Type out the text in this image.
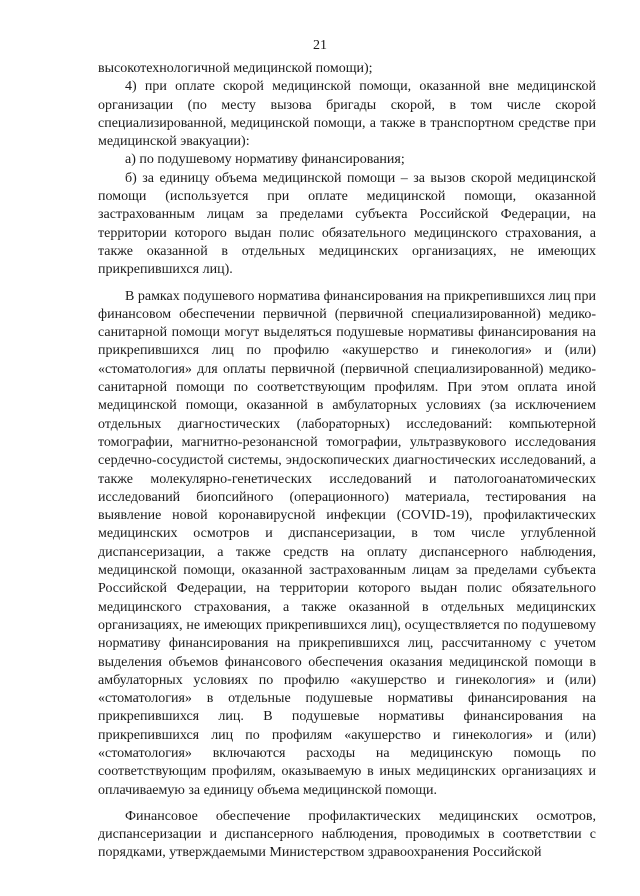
21

высокотехнологичной медицинской помощи);

4) при оплате скорой медицинской помощи, оказанной вне медицинской организации (по месту вызова бригады скорой, в том числе скорой специализированной, медицинской помощи, а также в транспортном средстве при медицинской эвакуации):

а) по подушевому нормативу финансирования;

б) за единицу объема медицинской помощи – за вызов скорой медицинской помощи (используется при оплате медицинской помощи, оказанной застрахованным лицам за пределами субъекта Российской Федерации, на территории которого выдан полис обязательного медицинского страхования, а также оказанной в отдельных медицинских организациях, не имеющих прикрепившихся лиц).

В рамках подушевого норматива финансирования на прикрепившихся лиц при финансовом обеспечении первичной (первичной специализированной) медико-санитарной помощи могут выделяться подушевые нормативы финансирования на прикрепившихся лиц по профилю «акушерство и гинекология» и (или) «стоматология» для оплаты первичной (первичной специализированной) медико-санитарной помощи по соответствующим профилям. При этом оплата иной медицинской помощи, оказанной в амбулаторных условиях (за исключением отдельных диагностических (лабораторных) исследований: компьютерной томографии, магнитно-резонансной томографии, ультразвукового исследования сердечно-сосудистой системы, эндоскопических диагностических исследований, а также молекулярно-генетических исследований и патологоанатомических исследований биопсийного (операционного) материала, тестирования на выявление новой коронавирусной инфекции (COVID-19), профилактических медицинских осмотров и диспансеризации, в том числе углубленной диспансеризации, а также средств на оплату диспансерного наблюдения, медицинской помощи, оказанной застрахованным лицам за пределами субъекта Российской Федерации, на территории которого выдан полис обязательного медицинского страхования, а также оказанной в отдельных медицинских организациях, не имеющих прикрепившихся лиц), осуществляется по подушевому нормативу финансирования на прикрепившихся лиц, рассчитанному с учетом выделения объемов финансового обеспечения оказания медицинской помощи в амбулаторных условиях по профилю «акушерство и гинекология» и (или) «стоматология» в отдельные подушевые нормативы финансирования на прикрепившихся лиц. В подушевые нормативы финансирования на прикрепившихся лиц по профилям «акушерство и гинекология» и (или) «стоматология» включаются расходы на медицинскую помощь по соответствующим профилям, оказываемую в иных медицинских организациях и оплачиваемую за единицу объема медицинской помощи.

Финансовое обеспечение профилактических медицинских осмотров, диспансеризации и диспансерного наблюдения, проводимых в соответствии с порядками, утверждаемыми Министерством здравоохранения Российской
